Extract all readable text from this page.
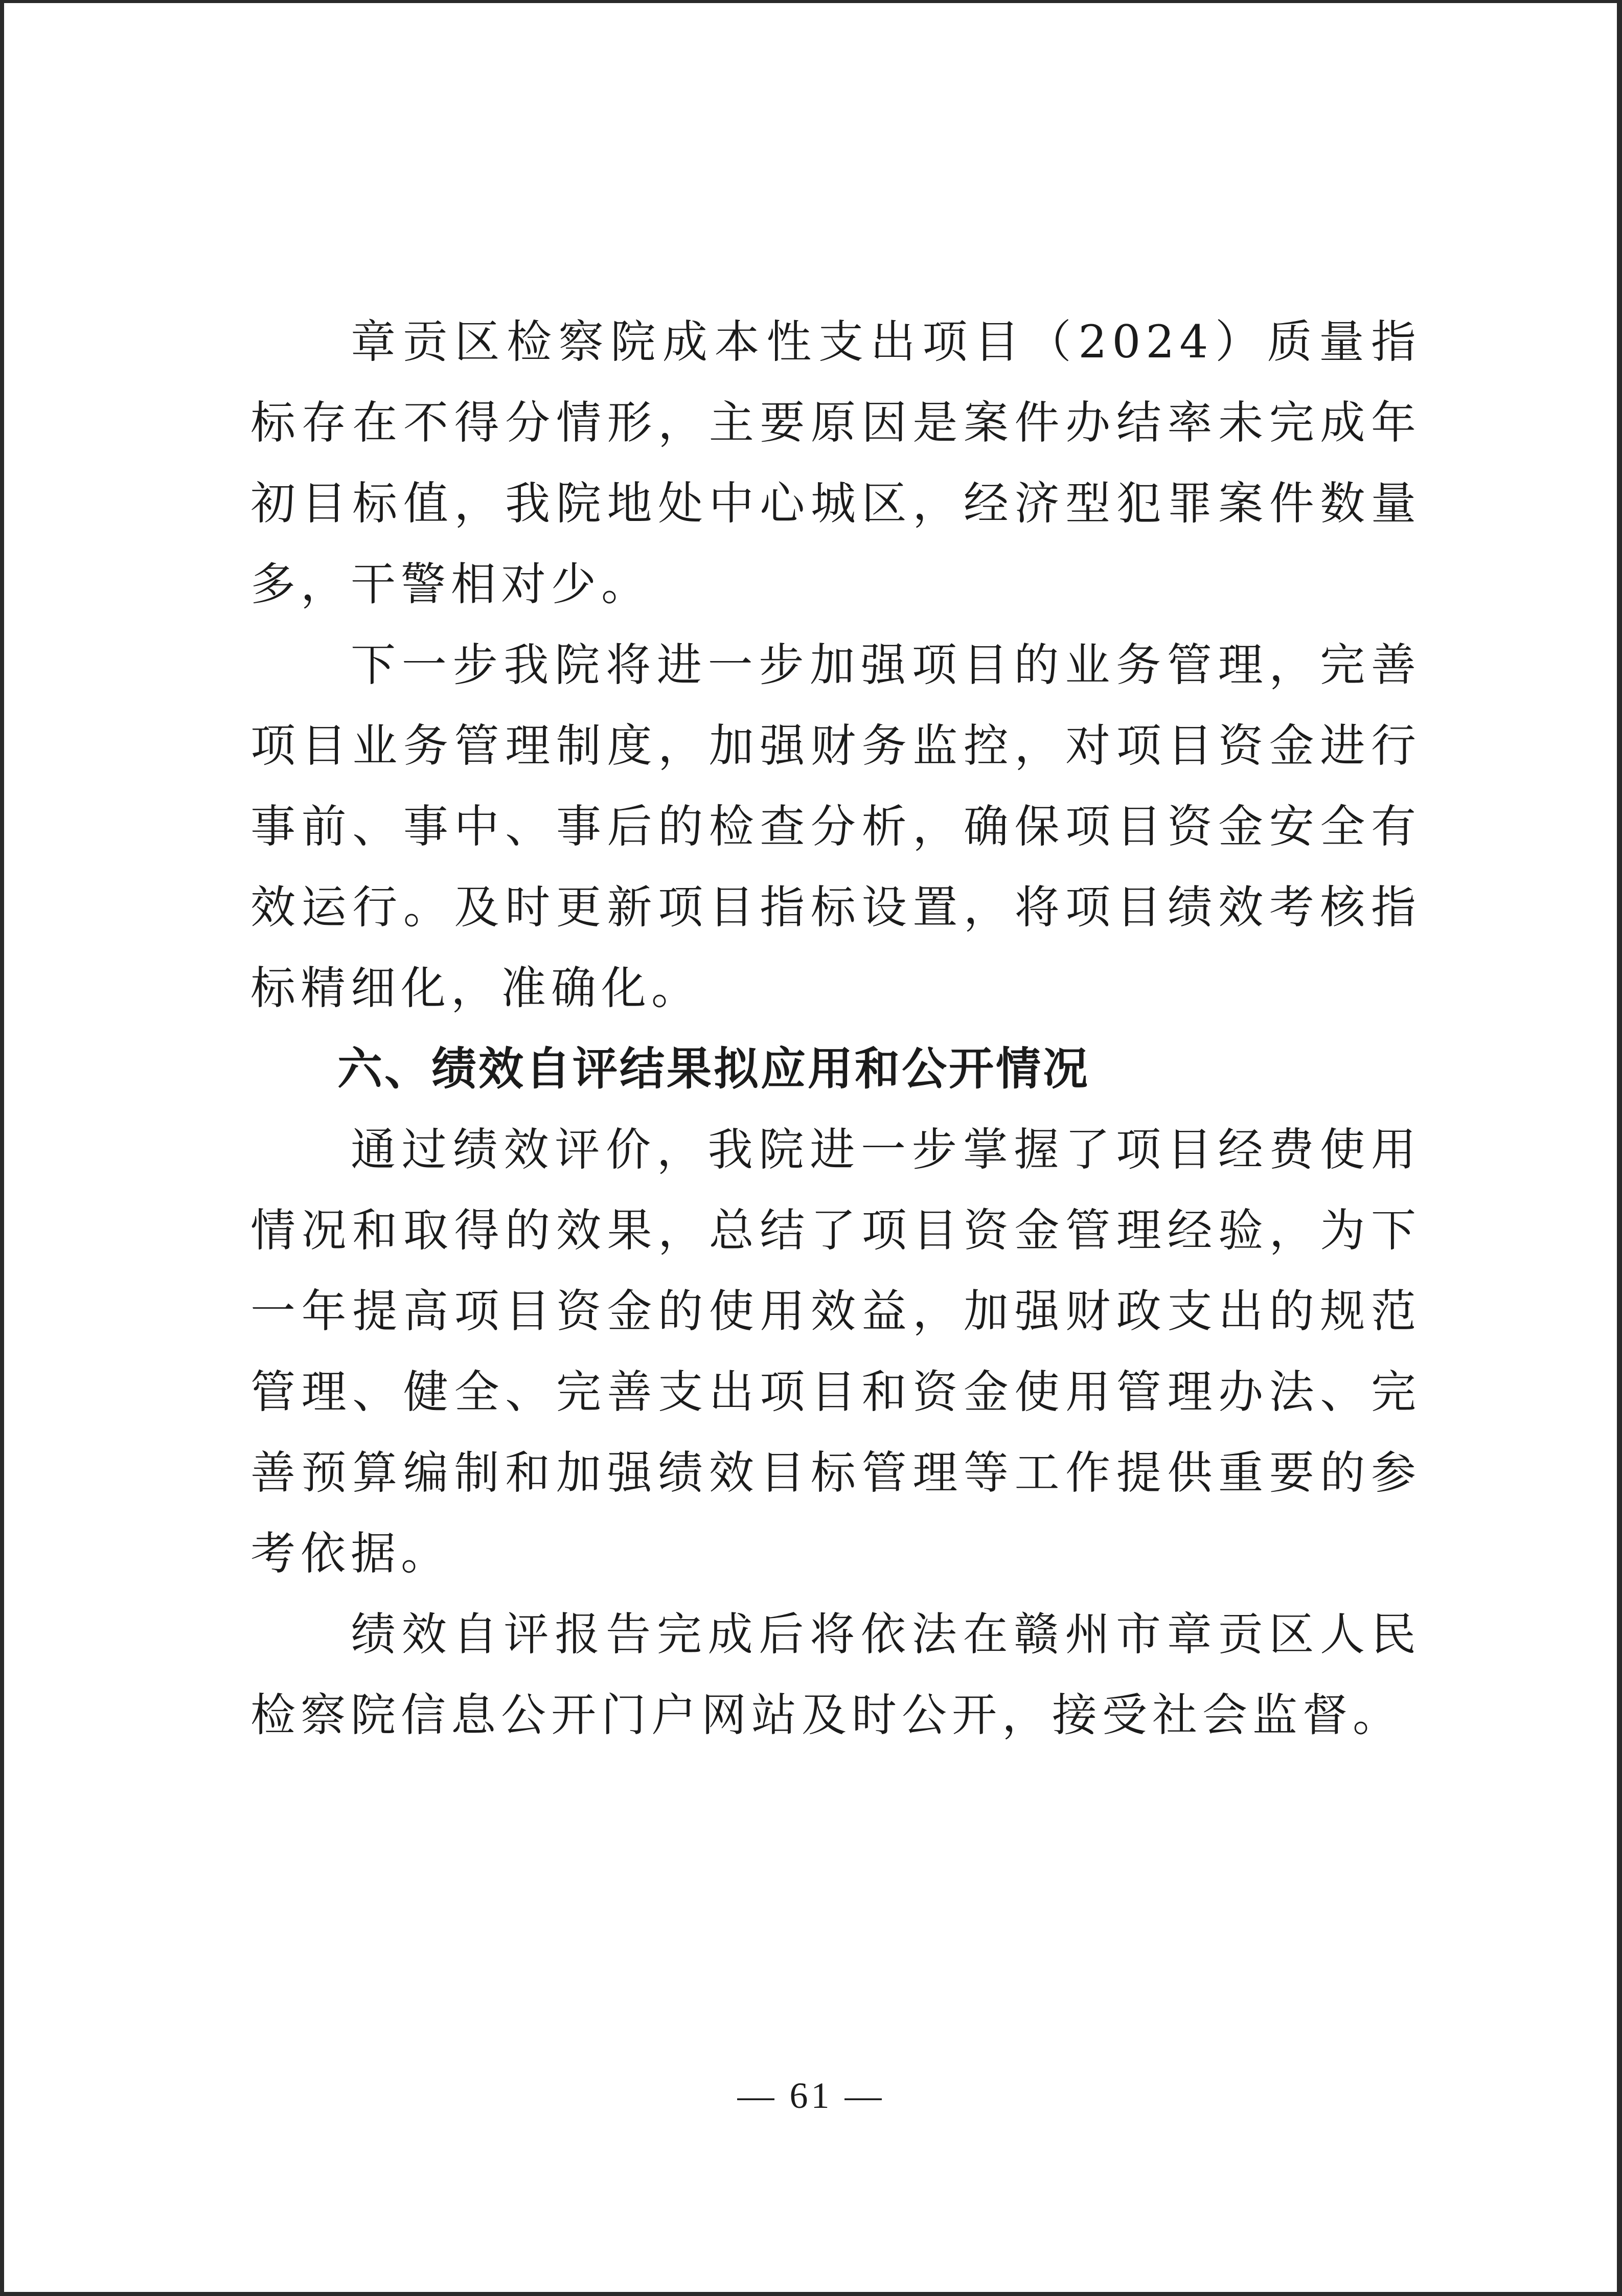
章贡区检察院成本性支出项目（2024）质量指标存在不得分情形，主要原因是案件办结率未完成年初目标值，我院地处中心城区，经济型犯罪案件数量多，干警相对少。

下一步我院将进一步加强项目的业务管理，完善项目业务管理制度，加强财务监控，对项目资金进行事前、事中、事后的检查分析，确保项目资金安全有效运行。及时更新项目指标设置，将项目绩效考核指标精细化，准确化。

六、绩效自评结果拟应用和公开情况

通过绩效评价，我院进一步掌握了项目经费使用情况和取得的效果，总结了项目资金管理经验，为下一年提高项目资金的使用效益，加强财政支出的规范管理、健全、完善支出项目和资金使用管理办法、完善预算编制和加强绩效目标管理等工作提供重要的参考依据。

绩效自评报告完成后将依法在赣州市章贡区人民检察院信息公开门户网站及时公开，接受社会监督。

— 61 —
